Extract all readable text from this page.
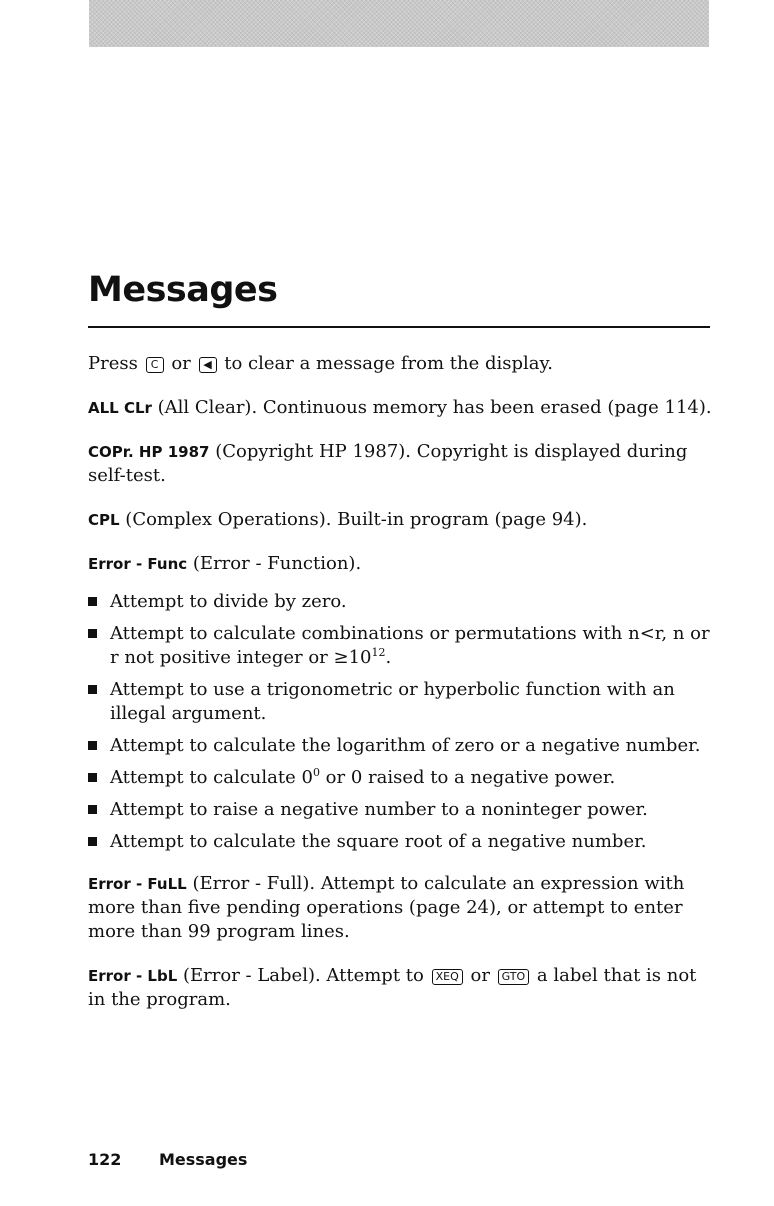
Messages

Press C or ◀ to clear a message from the display.

ALL CLr (All Clear). Continuous memory has been erased (page 114).

COPr. HP 1987 (Copyright HP 1987). Copyright is displayed during self-test.

CPL (Complex Operations). Built-in program (page 94).

Error - Func (Error - Function).

Attempt to divide by zero.
Attempt to calculate combinations or permutations with n<r, n or r not positive integer or $\ge 10^{12}$.
Attempt to use a trigonometric or hyperbolic function with an illegal argument.
Attempt to calculate the logarithm of zero or a negative number.
Attempt to calculate $0^0$ or 0 raised to a negative power.
Attempt to raise a negative number to a noninteger power.
Attempt to calculate the square root of a negative number.

Error - FuLL (Error - Full). Attempt to calculate an expression with more than five pending operations (page 24), or attempt to enter more than 99 program lines.

Error - LbL (Error - Label). Attempt to XEQ or GTO a label that is not in the program.

122 Messages
